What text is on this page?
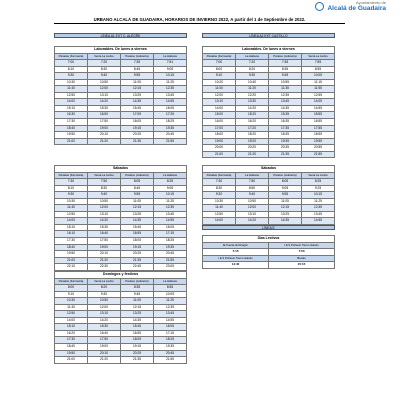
Ayuntamiento de
Alcalá de Guadaira
URBANO ALCALÁ DE GUADAIRA, HORARIOS DE INVIERNO 2022, A partir del 1 de Septiembre de 2022.
LÍNEA A1 EXT C. ALEGRE	LÍNEA A2 EXT CASTILLO
Laborables. De lunes a viernes			
Paradas (Farmacia)	Venta La Liebre	Paraíso (cafetería)	La Habana
7:00	7:20	7:35	7:51
8:10	8:30	8:45	9:05
9:30	9:40	9:55	10:15
10:30	10:50	11:05	11:25
11:40	12:00	12:15	12:35
12:50	13:10	13:25	13:45
14:00	14:20	14:35	14:55
15:10	15:30	15:45	16:05
16:30	16:50	17:05	17:25
17:30	17:50	18:05	18:25
18:40	19:00	19:15	19:35
19:50	20:10	20:25	20:45
21:00	21:20	21:35	21:55
Laborables. De lunes a viernes			
Paradas (Farmacia)	La Habana	Paraíso (cafetería)	Venta La Liebre
7:00	7:20	7:35	7:55
8:00	8:20	8:35	8:55
9:10	9:30	9:45	10:05
10:20	10:40	10:55	11:15
11:00	11:20	11:35	11:55
12:00	12:20	12:35	12:55
13:10	13:30	13:45	14:05
14:00	14:20	14:35	14:55
15:00	15:20	15:35	15:55
16:00	16:20	16:35	16:55
17:00	17:20	17:35	17:55
18:00	18:20	18:35	18:55
19:00	19:20	19:35	19:55
20:00	20:20	20:35	20:55
21:00	21:20	21:35	21:55
Sábados			
Paradas (Farmacia)	Venta La Liebre	Paraíso (cafetería)	La Habana
7:30	7:50	8:05	8:25
8:10	8:30	8:45	9:05
9:30	9:40	9:55	10:15
10:30	10:50	11:05	11:25
11:40	12:00	12:15	12:35
12:50	13:10	13:25	13:45
14:00	14:20	14:35	14:55
15:10	15:30	15:45	16:05
16:10	16:40	16:55	17:15
17:30	17:50	18:05	18:25
18:40	19:00	19:15	19:35
19:50	20:10	20:25	20:45
21:00	21:20	21:35	21:55
22:10	22:30	22:45	23:05
Sábados			
Paradas (Farmacia)	La Habana	Paraíso (cafetería)	Venta La Liebre
7:30	7:50	8:05	8:25
8:30	8:50	9:05	9:25
9:20	9:40	9:55	10:15
10:30	10:50	11:05	11:25
11:40	12:00	12:15	12:35
12:50	13:10	13:25	13:45
14:00	14:20	14:35	14:55
Domingos y festivos			
Paradas (Farmacia)	Venta La Liebre	Paraíso (cafetería)	La Habana
8:00	8:20	8:35	8:55
9:10	9:30	9:45	10:05
10:30	10:50	11:05	11:25
11:40	12:00	12:15	12:35
12:50	13:10	13:25	13:45
14:00	14:20	14:35	14:55
15:10	15:30	15:45	16:05
16:20	16:40	16:55	17:15
17:30	17:50	18:05	18:25
18:40	19:00	19:15	19:35
19:50	20:10	20:25	20:45
21:00	21:20	21:35	21:55
LÍNEA E
Días Lectivos	
IE Puerta del Dragón	I.E.S Profesor Tierno Galván
7:15	7:50
I.E.S Profesor Tierno Galván	Bestas
14:40	15:15
